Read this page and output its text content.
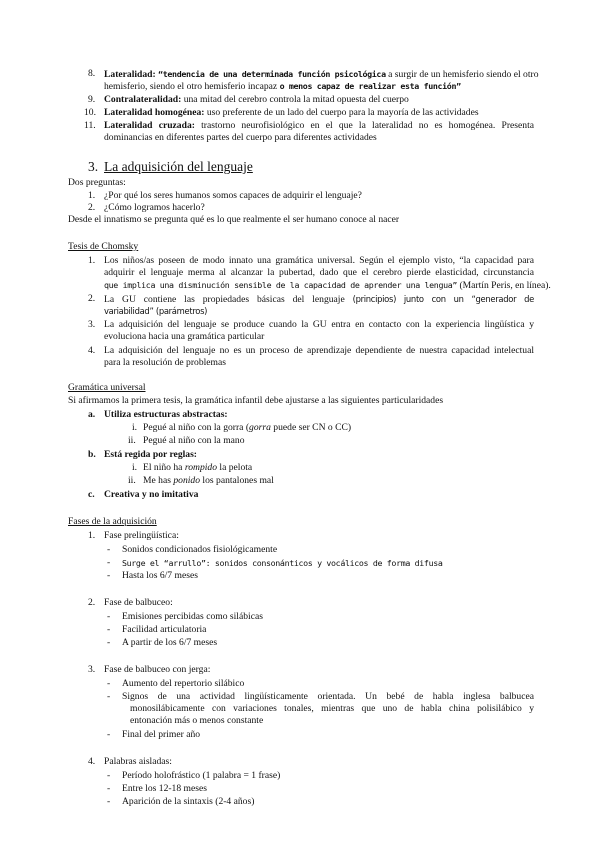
8. Lateralidad: “tendencia de una determinada función psicológica a surgir de un hemisferio siendo el otro
hemisferio, siendo el otro hemisferio incapaz o menos capaz de realizar esta función”
9. Contralateralidad: una mitad del cerebro controla la mitad opuesta del cuerpo
10. Lateralidad homogénea: uso preferente de un lado del cuerpo para la mayoría de las actividades
11. Lateralidad cruzada: trastorno neurofisiológico en el que la lateralidad no es homogénea. Presenta
dominancias en diferentes partes del cuerpo para diferentes actividades
3. La adquisición del lenguaje
Dos preguntas:
1. ¿Por qué los seres humanos somos capaces de adquirir el lenguaje?
2. ¿Cómo logramos hacerlo?
Desde el innatismo se pregunta qué es lo que realmente el ser humano conoce al nacer
Tesis de Chomsky
1. Los niños/as poseen de modo innato una gramática universal. Según el ejemplo visto, “la capacidad para
adquirir el lenguaje merma al alcanzar la pubertad, dado que el cerebro pierde elasticidad, circunstancia
que implica una disminución sensible de la capacidad de aprender una lengua” (Martín Peris, en línea).
2. La GU contiene las propiedades básicas del lenguaje (principios) junto con un “generador de
variabilidad” (parámetros)
3. La adquisición del lenguaje se produce cuando la GU entra en contacto con la experiencia lingüística y
evoluciona hacia una gramática particular
4. La adquisición del lenguaje no es un proceso de aprendizaje dependiente de nuestra capacidad intelectual
para la resolución de problemas
Gramática universal
Si afirmamos la primera tesis, la gramática infantil debe ajustarse a las siguientes particularidades
a. Utiliza estructuras abstractas:
i. Pegué al niño con la gorra (gorra puede ser CN o CC)
ii. Pegué al niño con la mano
b. Está regida por reglas:
i. El niño ha rompido la pelota
ii. Me has ponido los pantalones mal
c. Creativa y no imitativa
Fases de la adquisición
1. Fase prelingüística:
- Sonidos condicionados fisiológicamente
- Surge el “arrullo”: sonidos consonánticos y vocálicos de forma difusa
- Hasta los 6/7 meses
2. Fase de balbuceo:
- Emisiones percibidas como silábicas
- Facilidad articulatoria
- A partir de los 6/7 meses
3. Fase de balbuceo con jerga:
- Aumento del repertorio silábico
- Signos de una actividad lingüísticamente orientada. Un bebé de habla inglesa balbucea
monosilábicamente con variaciones tonales, mientras que uno de habla china polisilábico y
entonación más o menos constante
- Final del primer año
4. Palabras aisladas:
- Período holofrástico (1 palabra = 1 frase)
- Entre los 12-18 meses
- Aparición de la sintaxis (2-4 años)
